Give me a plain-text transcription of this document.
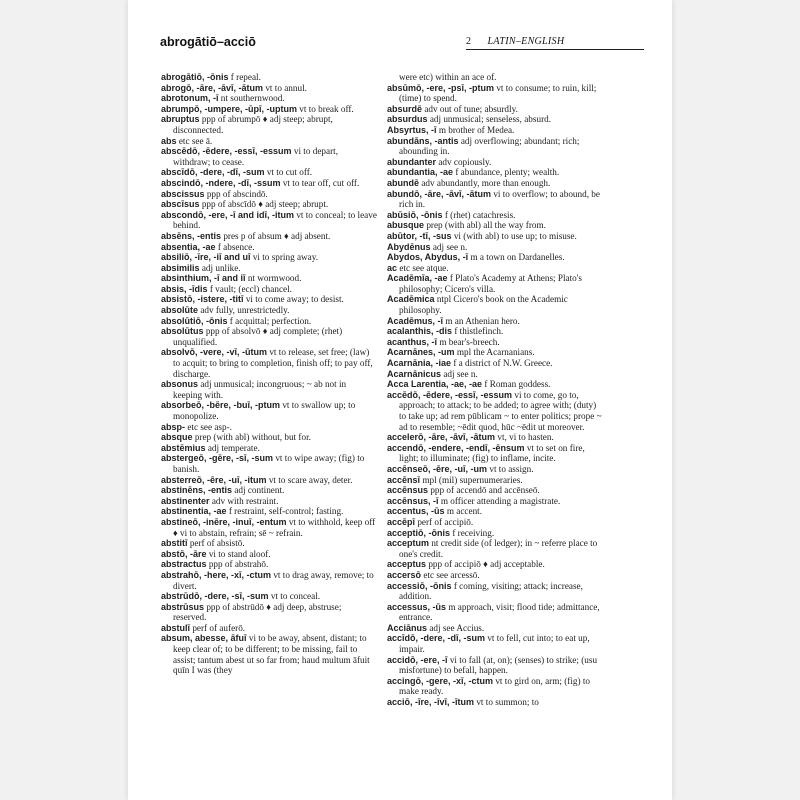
abrogātiō–acciō	2 LATIN–ENGLISH

abrogātiō, -ōnis f repeal.

abrogō, -āre, -āvī, -ātum vt to annul.

abrotonum, -ī nt southernwood.

abrumpō, -umpere, -ūpī, -uptum vt to break off.

abruptus ppp of abrumpō ♦ adj steep; abrupt, disconnected.

abs etc see ā.

abscēdō, -ēdere, -essī, -essum vi to depart, withdraw; to cease.

abscīdō, -dere, -dī, -sum vt to cut off.

abscindō, -ndere, -dī, -ssum vt to tear off, cut off.

abscissus ppp of abscindō.

abscīsus ppp of abscīdō ♦ adj steep; abrupt.

abscondō, -ere, -ī and idī, -itum vt to conceal; to leave behind.

absēns, -entis pres p of absum ♦ adj absent.

absentia, -ae f absence.

absiliō, -īre, -iī and uī vi to spring away.

absimilis adj unlike.

absinthium, -ī and iī nt wormwood.

absis, -īdis f vault; (eccl) chancel.

absistō, -istere, -titī vi to come away; to desist.

absolūte adv fully, unrestrictedly.

absolūtiō, -ōnis f acquittal; perfection.

absolūtus ppp of absolvō ♦ adj complete; (rhet) unqualified.

absolvō, -vere, -vī, -ūtum vt to release, set free; (law) to acquit; to bring to completion, finish off; to pay off, discharge.

absonus adj unmusical; incongruous; ~ ab not in keeping with.

absorbeō, -bēre, -buī, -ptum vt to swallow up; to monopolize.

absp- etc see asp-.

absque prep (with abl) without, but for.

abstēmius adj temperate.

abstergeō, -gēre, -sī, -sum vt to wipe away; (fig) to banish.

absterreō, -ēre, -uī, -itum vt to scare away, deter.

abstinēns, -entis adj continent.

abstinenter adv with restraint.

abstinentia, -ae f restraint, self-control; fasting.

abstineō, -inēre, -inuī, -entum vt to withhold, keep off ♦ vi to abstain, refrain; sē ~ refrain.

abstitī perf of absistō.

abstō, -āre vi to stand aloof.

abstractus ppp of abstrahō.

abstrahō, -here, -xī, -ctum vt to drag away, remove; to divert.

abstrūdō, -dere, -sī, -sum vt to conceal.

abstrūsus ppp of abstrūdō ♦ adj deep, abstruse; reserved.

abstulī perf of auferō.

absum, abesse, āfuī vi to be away, absent, distant; to keep clear of; to be different; to be missing, fail to assist; tantum abest ut so far from; haud multum āfuit quīn I was (they

were etc) within an ace of.

absūmō, -ere, -psī, -ptum vt to consume; to ruin, kill; (time) to spend.

absurdē adv out of tune; absurdly.

absurdus adj unmusical; senseless, absurd.

Absyrtus, -ī m brother of Medea.

abundāns, -antis adj overflowing; abundant; rich; abounding in.

abundanter adv copiously.

abundantia, -ae f abundance, plenty; wealth.

abundē adv abundantly, more than enough.

abundō, -āre, -āvī, -ātum vi to overflow; to abound, be rich in.

abūsiō, -ōnis f (rhet) catachresis.

abusque prep (with abl) all the way from.

abūtor, -tī, -sus vi (with abl) to use up; to misuse.

Abydēnus adj see n.

Abydos, Abydus, -ī m a town on Dardanelles.

ac etc see atque.

Acadēmīa, -ae f Plato's Academy at Athens; Plato's philosophy; Cicero's villa.

Acadēmica ntpl Cicero's book on the Academic philosophy.

Acadēmus, -ī m an Athenian hero.

acalanthis, -dis f thistlefinch.

acanthus, -ī m bear's-breech.

Acarnānes, -um mpl the Acarnanians.

Acarnānia, -iae f a district of N.W. Greece.

Acarnānicus adj see n.

Acca Larentia, -ae, -ae f Roman goddess.

accēdō, -ēdere, -essī, -essum vi to come, go to, approach; to attack; to be added; to agree with; (duty) to take up; ad rem pūblicam ~ to enter politics; prope ~ ad to resemble; ~ēdit quod, hūc ~ēdit ut moreover.

accelerō, -āre, -āvī, -ātum vt, vi to hasten.

accendō, -endere, -endī, -ēnsum vt to set on fire, light; to illuminate; (fig) to inflame, incite.

accēnseō, -ēre, -uī, -um vt to assign.

accēnsī mpl (mil) supernumeraries.

accēnsus ppp of accendō and accēnseō.

accēnsus, -ī m officer attending a magistrate.

accentus, -ūs m accent.

accēpī perf of accipiō.

acceptiō, -ōnis f receiving.

acceptum nt credit side (of ledger); in ~ referre place to one's credit.

acceptus ppp of accipiō ♦ adj acceptable.

accersō etc see arcessō.

accessiō, -ōnis f coming, visiting; attack; increase, addition.

accessus, -ūs m approach, visit; flood tide; admittance, entrance.

Acciānus adj see Accius.

accīdō, -dere, -dī, -sum vt to fell, cut into; to eat up, impair.

accidō, -ere, -ī vi to fall (at, on); (senses) to strike; (usu misfortune) to befall, happen.

accingō, -gere, -xī, -ctum vt to gird on, arm; (fig) to make ready.

acciō, -īre, -īvī, -ītum vt to summon; to
